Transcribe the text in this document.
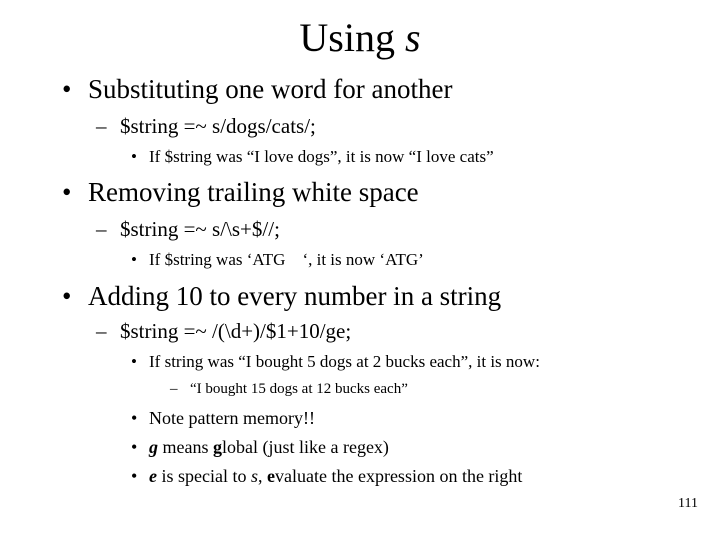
Using s
• Substituting one word for another
– $string =~ s/dogs/cats/;
• If $string was “I love dogs”, it is now “I love cats”
• Removing trailing white space
– $string =~ s/\s+$//;
• If $string was ‘ATG    ‘, it is now ‘ATG’
• Adding 10 to every number in a string
– $string =~ /(\d+)/$1+10/ge;
• If string was “I bought 5 dogs at 2 bucks each”, it is now:
– “I bought 15 dogs at 12 bucks each”
• Note pattern memory!!
• g means global (just like a regex)
• e is special to s, evaluate the expression on the right
111
